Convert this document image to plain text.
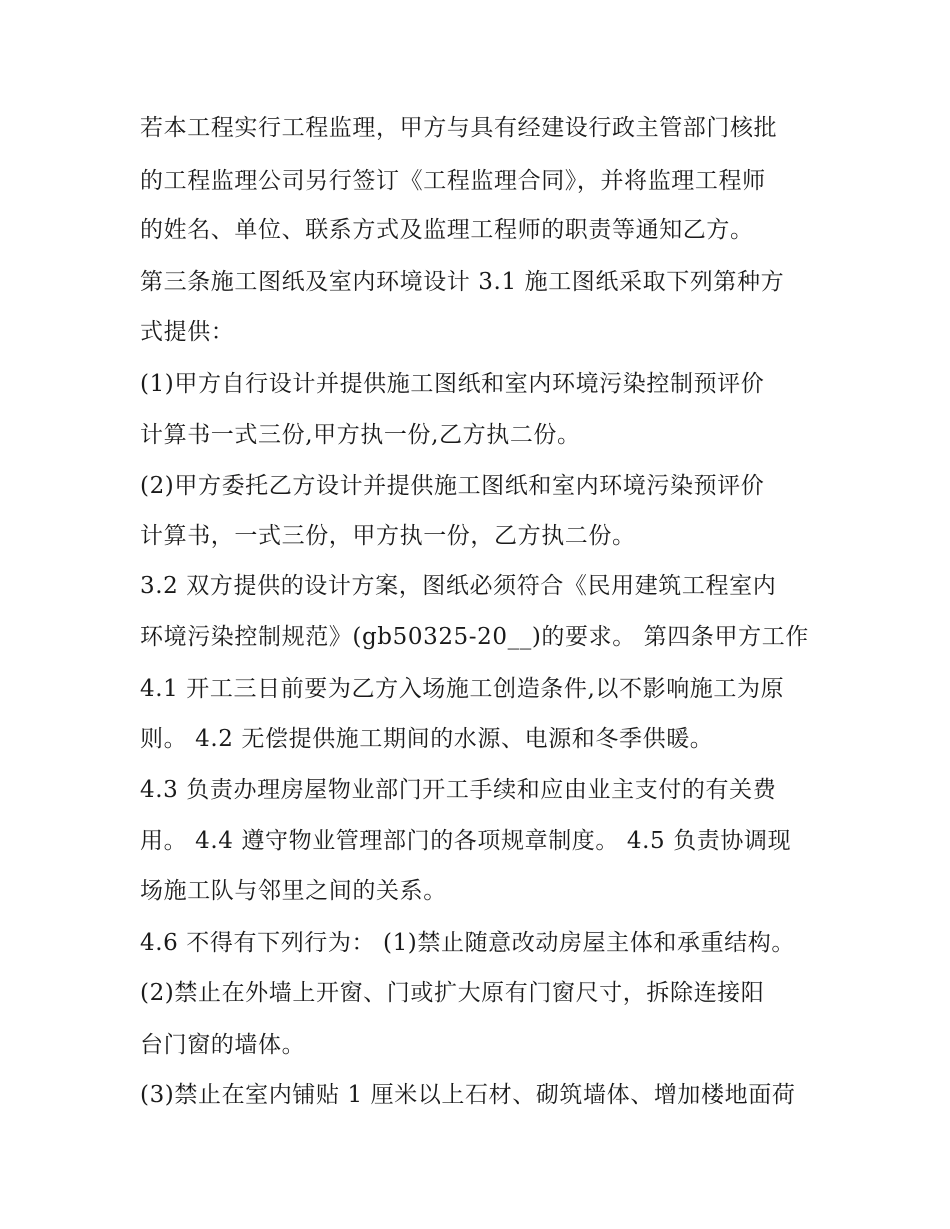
若本工程实行工程监理，甲方与具有经建设行政主管部门核批
的工程监理公司另行签订《工程监理合同》，并将监理工程师
的姓名、单位、联系方式及监理工程师的职责等通知乙方。
第三条施工图纸及室内环境设计 3.1 施工图纸采取下列第种方
式提供：
(1)甲方自行设计并提供施工图纸和室内环境污染控制预评价
计算书一式三份,甲方执一份,乙方执二份。
(2)甲方委托乙方设计并提供施工图纸和室内环境污染预评价
计算书，一式三份，甲方执一份，乙方执二份。
3.2 双方提供的设计方案，图纸必须符合《民用建筑工程室内
环境污染控制规范》(gb50325-20__)的要求。 第四条甲方工作
4.1 开工三日前要为乙方入场施工创造条件,以不影响施工为原
则。 4.2 无偿提供施工期间的水源、电源和冬季供暖。
4.3 负责办理房屋物业部门开工手续和应由业主支付的有关费
用。 4.4 遵守物业管理部门的各项规章制度。 4.5 负责协调现
场施工队与邻里之间的关系。
4.6 不得有下列行为： (1)禁止随意改动房屋主体和承重结构。
(2)禁止在外墙上开窗、门或扩大原有门窗尺寸，拆除连接阳
台门窗的墙体。
(3)禁止在室内铺贴 1 厘米以上石材、砌筑墙体、增加楼地面荷
